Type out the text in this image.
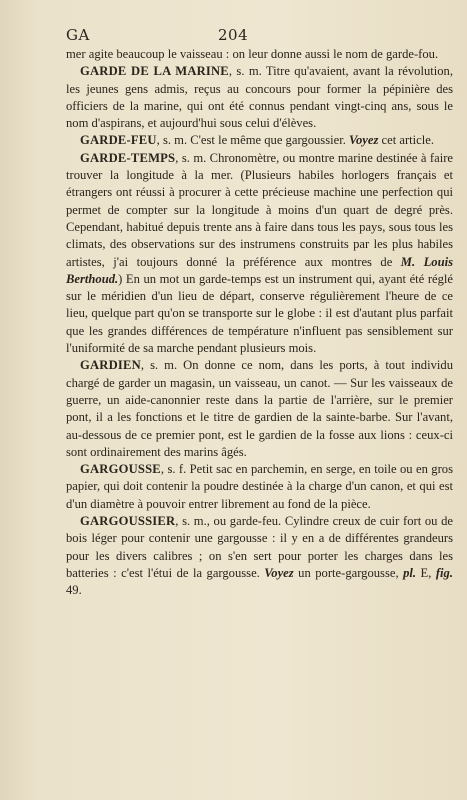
GA	204

mer agite beaucoup le vaisseau : on leur donne aussi le nom de garde-fou.

GARDE DE LA MARINE, s. m. Titre qu'avaient, avant la révolution, les jeunes gens admis, reçus au concours pour former la pépinière des officiers de la marine, qui ont été connus pendant vingt-cinq ans, sous le nom d'aspirans, et aujourd'hui sous celui d'élèves.

GARDE-FEU, s. m. C'est le même que gargoussier. Voyez cet article.

GARDE-TEMPS, s. m. Chronomètre, ou montre marine destinée à faire trouver la longitude à la mer. (Plusieurs habiles horlogers français et étrangers ont réussi à procurer à cette précieuse machine une perfection qui permet de compter sur la longitude à moins d'un quart de degré près. Cependant, habitué depuis trente ans à faire dans tous les pays, sous tous les climats, des observations sur des instrumens construits par les plus habiles artistes, j'ai toujours donné la préférence aux montres de M. Louis Berthoud.) En un mot un garde-temps est un instrument qui, ayant été réglé sur le méridien d'un lieu de départ, conserve régulièrement l'heure de ce lieu, quelque part qu'on se transporte sur le globe : il est d'autant plus parfait que les grandes différences de température n'influent pas sensiblement sur l'uniformité de sa marche pendant plusieurs mois.

GARDIEN, s. m. On donne ce nom, dans les ports, à tout individu chargé de garder un magasin, un vaisseau, un canot. — Sur les vaisseaux de guerre, un aide-canonnier reste dans la partie de l'arrière, sur le premier pont, il a les fonctions et le titre de gardien de la sainte-barbe. Sur l'avant, au-dessous de ce premier pont, est le gardien de la fosse aux lions : ceux-ci sont ordinairement des marins âgés.

GARGOUSSE, s. f. Petit sac en parchemin, en serge, en toile ou en gros papier, qui doit contenir la poudre destinée à la charge d'un canon, et qui est d'un diamètre à pouvoir entrer librement au fond de la pièce.

GARGOUSSIER, s. m., ou garde-feu. Cylindre creux de cuir fort ou de bois léger pour contenir une gargousse : il y en a de différentes grandeurs pour les divers calibres ; on s'en sert pour porter les charges dans les batteries : c'est l'étui de la gargousse. Voyez un porte-gargousse, pl. E, fig. 49.
